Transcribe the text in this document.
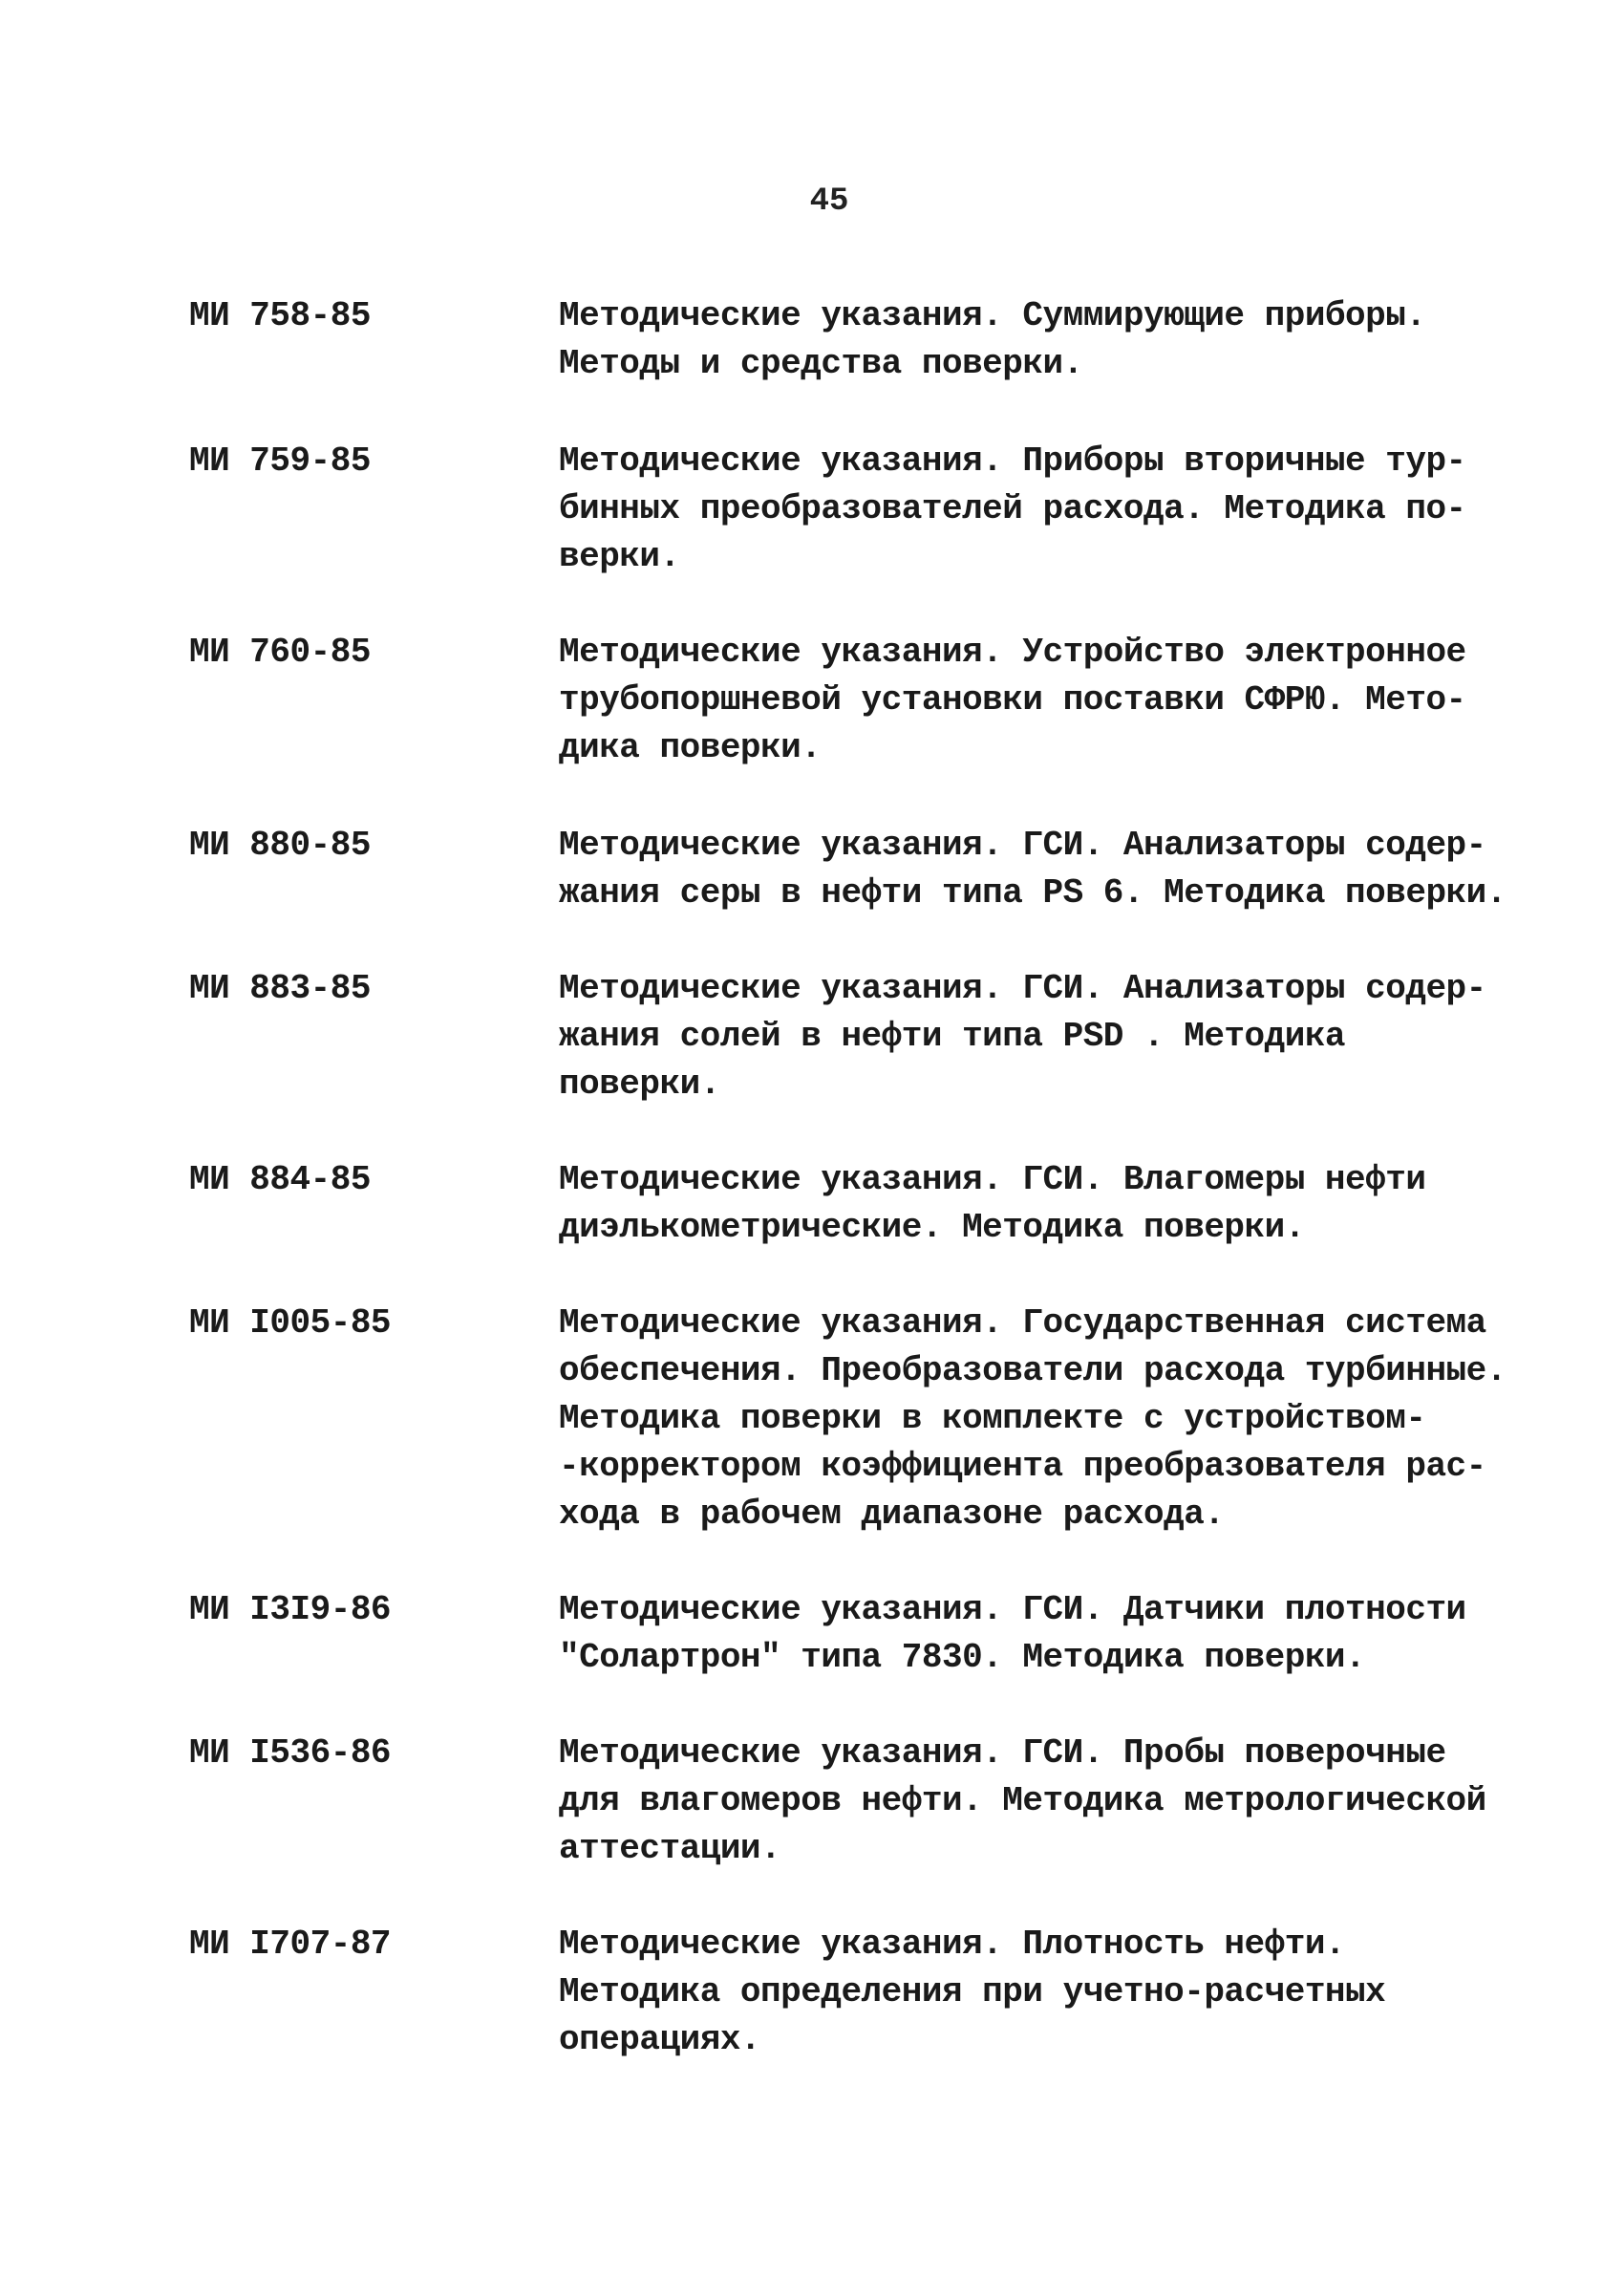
45
МИ 758-85	Методические указания. Суммирующие приборы.
Методы и средства поверки.
МИ 759-85	Методические указания. Приборы вторичные тур-
бинных преобразователей расхода. Методика по-
верки.
МИ 760-85	Методические указания. Устройство электронное
трубопоршневой установки поставки СФРЮ. Мето-
дика поверки.
МИ 880-85	Методические указания. ГСИ. Анализаторы содер-
жания серы в нефти типа PS 6. Методика поверки.
МИ 883-85	Методические указания. ГСИ. Анализаторы содер-
жания солей в нефти типа PSD . Методика
поверки.
МИ 884-85	Методические указания. ГСИ. Влагомеры нефти
диэлькометрические. Методика поверки.
МИ I005-85	Методические указания. Государственная система
обеспечения. Преобразователи расхода турбинные.
Методика поверки в комплекте с устройством-
-корректором коэффициента преобразователя рас-
хода в рабочем диапазоне расхода.
МИ I3I9-86	Методические указания. ГСИ. Датчики плотности
"Солартрон" типа 7830. Методика поверки.
МИ I536-86	Методические указания. ГСИ. Пробы поверочные
для влагомеров нефти. Методика метрологической
аттестации.
МИ I707-87	Методические указания. Плотность нефти.
Методика определения при учетно-расчетных
операциях.
